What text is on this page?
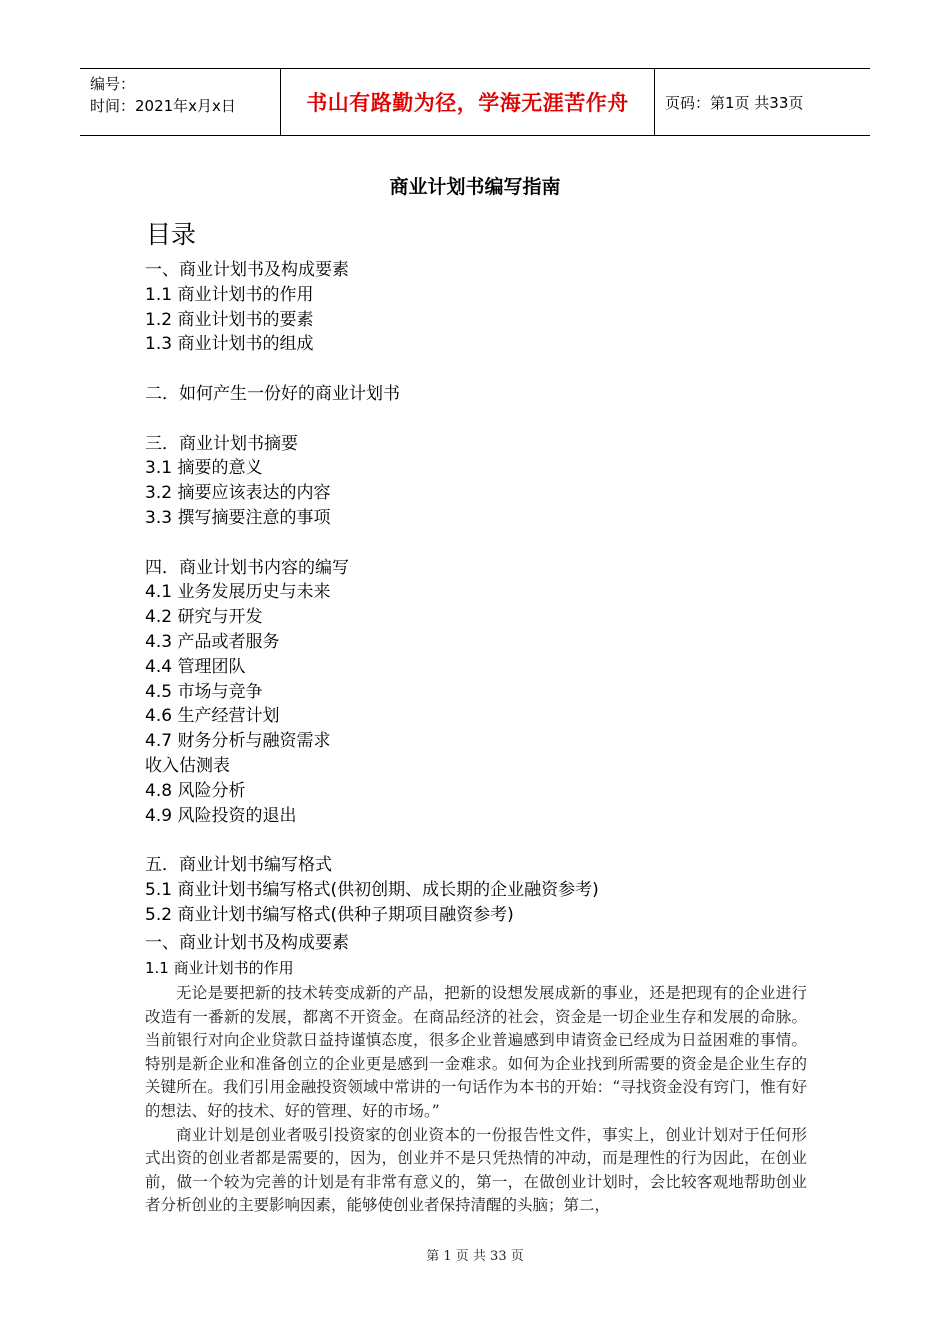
编号：
时间：2021年x月x日	书山有路勤为径，学海无涯苦作舟	页码：第1页 共33页
商业计划书编写指南
目录
一、商业计划书及构成要素
1.1 商业计划书的作用
1.2 商业计划书的要素
1.3 商业计划书的组成
二．如何产生一份好的商业计划书
三．商业计划书摘要
3.1 摘要的意义
3.2 摘要应该表达的内容
3.3 撰写摘要注意的事项
四．商业计划书内容的编写
4.1 业务发展历史与未来
4.2 研究与开发
4.3 产品或者服务
4.4 管理团队
4.5 市场与竞争
4.6 生产经营计划
4.7 财务分析与融资需求
收入估测表
4.8 风险分析
4.9 风险投资的退出
五．商业计划书编写格式
5.1 商业计划书编写格式(供初创期、成长期的企业融资参考)
5.2 商业计划书编写格式(供种子期项目融资参考)
一、商业计划书及构成要素
1.1 商业计划书的作用

无论是要把新的技术转变成新的产品，把新的设想发展成新的事业，还是把现有的企业进行改造有一番新的发展，都离不开资金。在商品经济的社会，资金是一切企业生存和发展的命脉。当前银行对向企业贷款日益持谨慎态度，很多企业普遍感到申请资金已经成为日益困难的事情。特别是新企业和准备创立的企业更是感到一金难求。如何为企业找到所需要的资金是企业生存的关键所在。我们引用金融投资领域中常讲的一句话作为本书的开始：“寻找资金没有窍门，惟有好的想法、好的技术、好的管理、好的市场。”

商业计划是创业者吸引投资家的创业资本的一份报告性文件，事实上，创业计划对于任何形式出资的创业者都是需要的，因为，创业并不是只凭热情的冲动，而是理性的行为因此，在创业前，做一个较为完善的计划是有非常有意义的，第一，在做创业计划时，会比较客观地帮助创业者分析创业的主要影响因素，能够使创业者保持清醒的头脑；第二，

第 1 页 共 33 页
